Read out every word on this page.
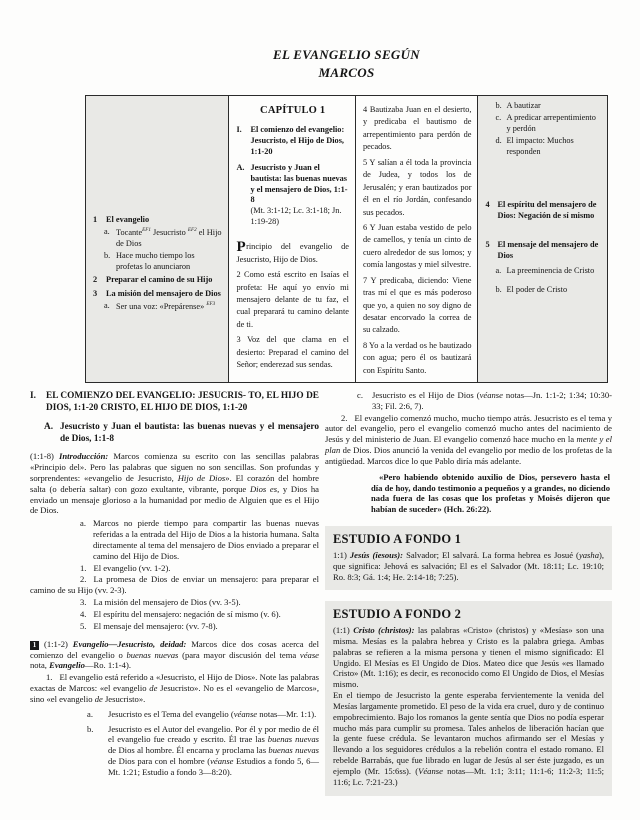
EL EVANGELIO SEGÚN
MARCOS
1 El evangelio
a. Tocante$^{EF1}$ Jesucristo $^{EF2}$ el Hijo de Dios
b. Hace mucho tiempo los profetas lo anunciaron
2 Preparar el camino de su Hijo
3 La misión del mensajero de Dios
a. Ser una voz: «Prepárense» $^{EF3}$
CAPÍTULO 1
I. El comienzo del evangelio: Jesucristo, el Hijo de Dios, 1:1-20
A. Jesucristo y Juan el bautista: las buenas nuevas y el mensajero de Dios, 1:1- 8
(Mt. 3:1-12; Lc. 3:1-18; Jn. 1:19-28)
Principio del evangelio de Jesucristo, Hijo de Dios.
2 Como está escrito en Isaías el profeta: He aquí yo envío mi mensajero delante de tu faz, el cual preparará tu camino delante de ti.
3 Voz del que clama en el desierto: Preparad el camino del Señor; enderezad sus sendas.
4 Bautizaba Juan en el desierto, y predicaba el bautismo de arrepentimiento para perdón de pecados.
5 Y salían a él toda la provincia de Judea, y todos los de Jerusalén; y eran bautizados por él en el río Jordán, confesando sus pecados.
6 Y Juan estaba vestido de pelo de camellos, y tenía un cinto de cuero alrededor de sus lomos; y comía langostas y miel silvestre.
7 Y predicaba, diciendo: Viene tras mí el que es más poderoso que yo, a quien no soy digno de desatar encorvado la correa de su calzado.
8 Yo a la verdad os he bautizado con agua; pero él os bautizará con Espíritu Santo.
b. A bautizar
c. A predicar arrepentimiento y perdón
d. El impacto: Muchos responden
4 El espíritu del mensajero de Dios: Negación de sí mismo
5 El mensaje del mensajero de Dios
a. La preeminencia de Cristo
b. El poder de Cristo
I. EL COMIENZO DEL EVANGELIO: JESUCRIS- TO, EL HIJO DE DIOS, 1:1-20 CRISTO, EL HIJO DE DIOS, 1:1-20
A. Jesucristo y Juan el bautista: las buenas nuevas y el mensajero de Dios, 1:1-8
(1:1-8) Introducción: Marcos comienza su escrito con las sencillas palabras «Principio del». Pero las palabras que siguen no son sencillas. Son profundas y sorprendentes: «evangelio de Jesucristo, Hijo de Dios». El corazón del hombre salta (o debería saltar) con gozo exultante, vibrante, porque Dios es, y Dios ha enviado un mensaje glorioso a la humanidad por medio de Alguien que es el Hijo de Dios.
a. Marcos no pierde tiempo para compartir las buenas nuevas referidas a la entrada del Hijo de Dios a la historia humana. Salta directamente al tema del mensajero de Dios enviado a preparar el camino del Hijo de Dios.
1. El evangelio (vv. 1-2).
2. La promesa de Dios de enviar un mensajero: para preparar el camino de su Hijo (vv. 2-3).
3. La misión del mensajero de Dios (vv. 3-5).
4. El espíritu del mensajero: negación de sí mismo (v. 6).
5. El mensaje del mensajero: (vv. 7-8).
1 (1:1-2) Evangelio—Jesucristo, deidad: Marcos dice dos cosas acerca del comienzo del evangelio o buenas nuevas (para mayor discusión del tema véase nota, Evangelio—Ro. 1:1-4).
1. El evangelio está referido a «Jesucristo, el Hijo de Dios». Note las palabras exactas de Marcos: «el evangelio de Jesucristo». No es el «evangelio de Marcos», sino «el evangelio de Jesucristo».
a. Jesucristo es el Tema del evangelio (véanse notas—Mr. 1:1).
b. Jesucristo es el Autor del evangelio. Por él y por medio de él el evangelio fue creado y escrito. Él trae las buenas nuevas de Dios al hombre. Él encarna y proclama las buenas nuevas de Dios para con el hombre (véanse Estudios a fondo 5, 6—Mt. 1:21; Estudio a fondo 3—8:20).
c. Jesucristo es el Hijo de Dios (véanse notas—Jn. 1:1-2; 1:34; 10:30-33; Fil. 2:6, 7).
2. El evangelio comenzó mucho, mucho tiempo atrás. Jesucristo es el tema y autor del evangelio, pero el evangelio comenzó mucho antes del nacimiento de Jesús y del ministerio de Juan. El evangelio comenzó hace mucho en la mente y el plan de Dios. Dios anunció la venida del evangelio por medio de los profetas de la antigüedad. Marcos dice lo que Pablo diría más adelante.
«Pero habiendo obtenido auxilio de Dios, persevero hasta el día de hoy, dando testimonio a pequeños y a grandes, no diciendo nada fuera de las cosas que los profetas y Moisés dijeron que habían de suceder» (Hch. 26:22).
ESTUDIO A FONDO 1
1:1) Jesús (iesous): Salvador; El salvará. La forma hebrea es Josué (yasha), que significa: Jehová es salvación; El es el Salvador (Mt. 18:11; Lc. 19:10; Ro. 8:3; Gá. 1:4; He. 2:14-18; 7:25).
ESTUDIO A FONDO 2
(1:1) Cristo (christos): las palabras «Cristo» (christos) y «Mesías» son una misma. Mesías es la palabra hebrea y Cristo es la palabra griega. Ambas palabras se refieren a la misma persona y tienen el mismo significado: El Ungido. El Mesías es El Ungido de Dios. Mateo dice que Jesús «es llamado Cristo» (Mt. 1:16); es decir, es reconocido como El Ungido de Dios, el Mesías mismo.
En el tiempo de Jesucristo la gente esperaba fervientemente la venida del Mesías largamente prometido. El peso de la vida era cruel, duro y de continuo empobrecimiento. Bajo los romanos la gente sentía que Dios no podía esperar mucho más para cumplir su promesa. Tales anhelos de liberación hacían que la gente fuese crédula. Se levantaron muchos afirmando ser el Mesías y llevando a los seguidores crédulos a la rebelión contra el estado romano. El rebelde Barrabás, que fue librado en lugar de Jesús al ser éste juzgado, es un ejemplo (Mr. 15:6ss). (Véanse notas—Mt. 1:1; 3:11; 11:1-6; 11:2-3; 11:5; 11:6; Lc. 7:21-23.)
